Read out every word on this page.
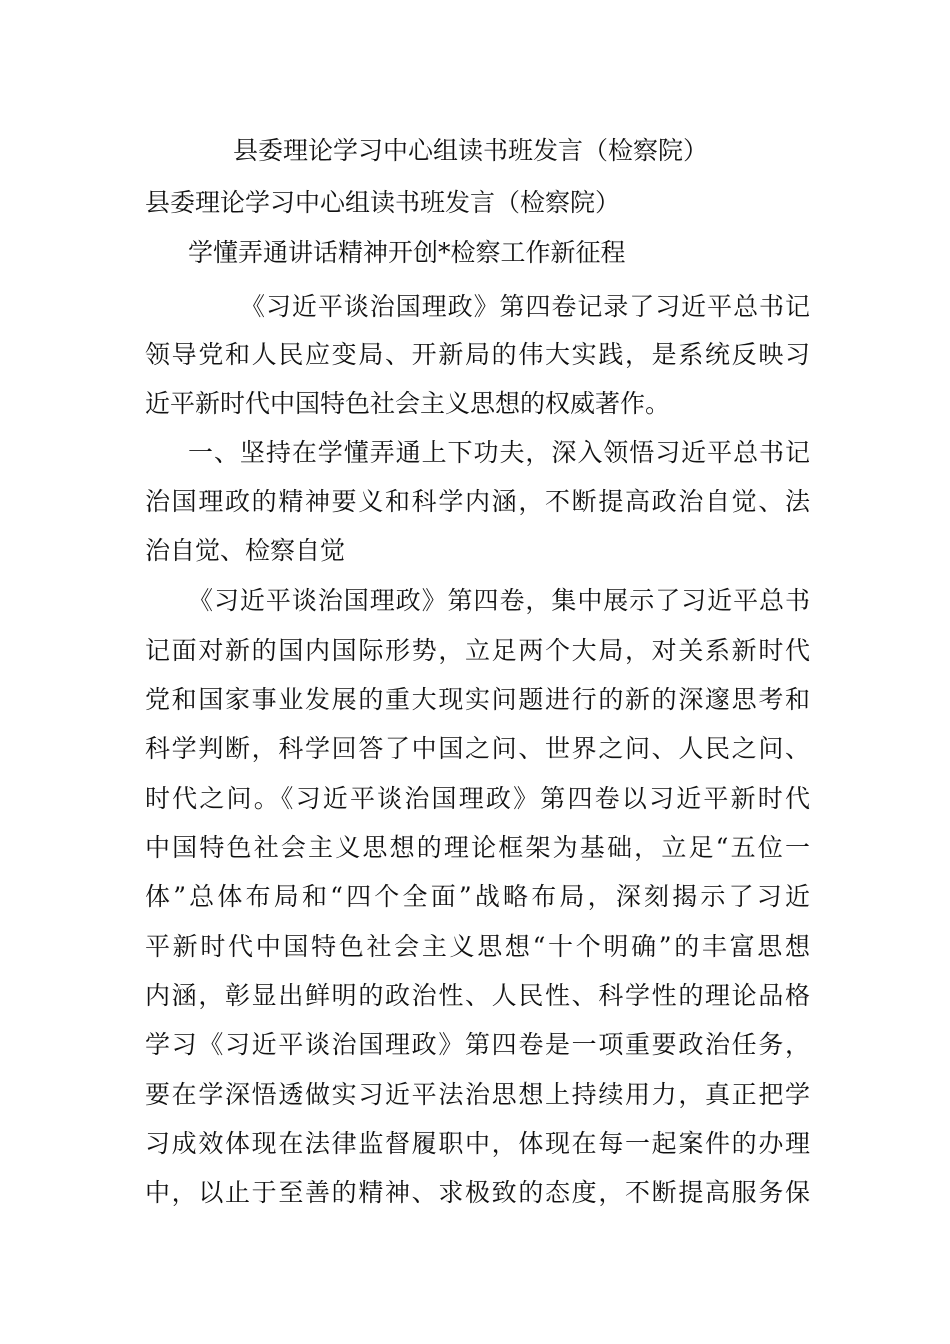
县委理论学习中心组读书班发言（检察院）
县委理论学习中心组读书班发言（检察院）
学懂弄通讲话精神开创*检察工作新征程
《习近平谈治国理政》第四卷记录了习近平总书记
领导党和人民应变局、开新局的伟大实践，是系统反映习
近平新时代中国特色社会主义思想的权威著作。
一、坚持在学懂弄通上下功夫，深入领悟习近平总书记
治国理政的精神要义和科学内涵，不断提高政治自觉、法
治自觉、检察自觉
《习近平谈治国理政》第四卷，集中展示了习近平总书
记面对新的国内国际形势，立足两个大局，对关系新时代
党和国家事业发展的重大现实问题进行的新的深邃思考和
科学判断，科学回答了中国之问、世界之问、人民之问、
时代之问。《习近平谈治国理政》第四卷以习近平新时代
中国特色社会主义思想的理论框架为基础，立足“五位一
体”总体布局和“四个全面”战略布局，深刻揭示了习近
平新时代中国特色社会主义思想“十个明确”的丰富思想
内涵，彰显出鲜明的政治性、人民性、科学性的理论品格
学习《习近平谈治国理政》第四卷是一项重要政治任务，
要在学深悟透做实习近平法治思想上持续用力，真正把学
习成效体现在法律监督履职中，体现在每一起案件的办理
中，以止于至善的精神、求极致的态度，不断提高服务保
